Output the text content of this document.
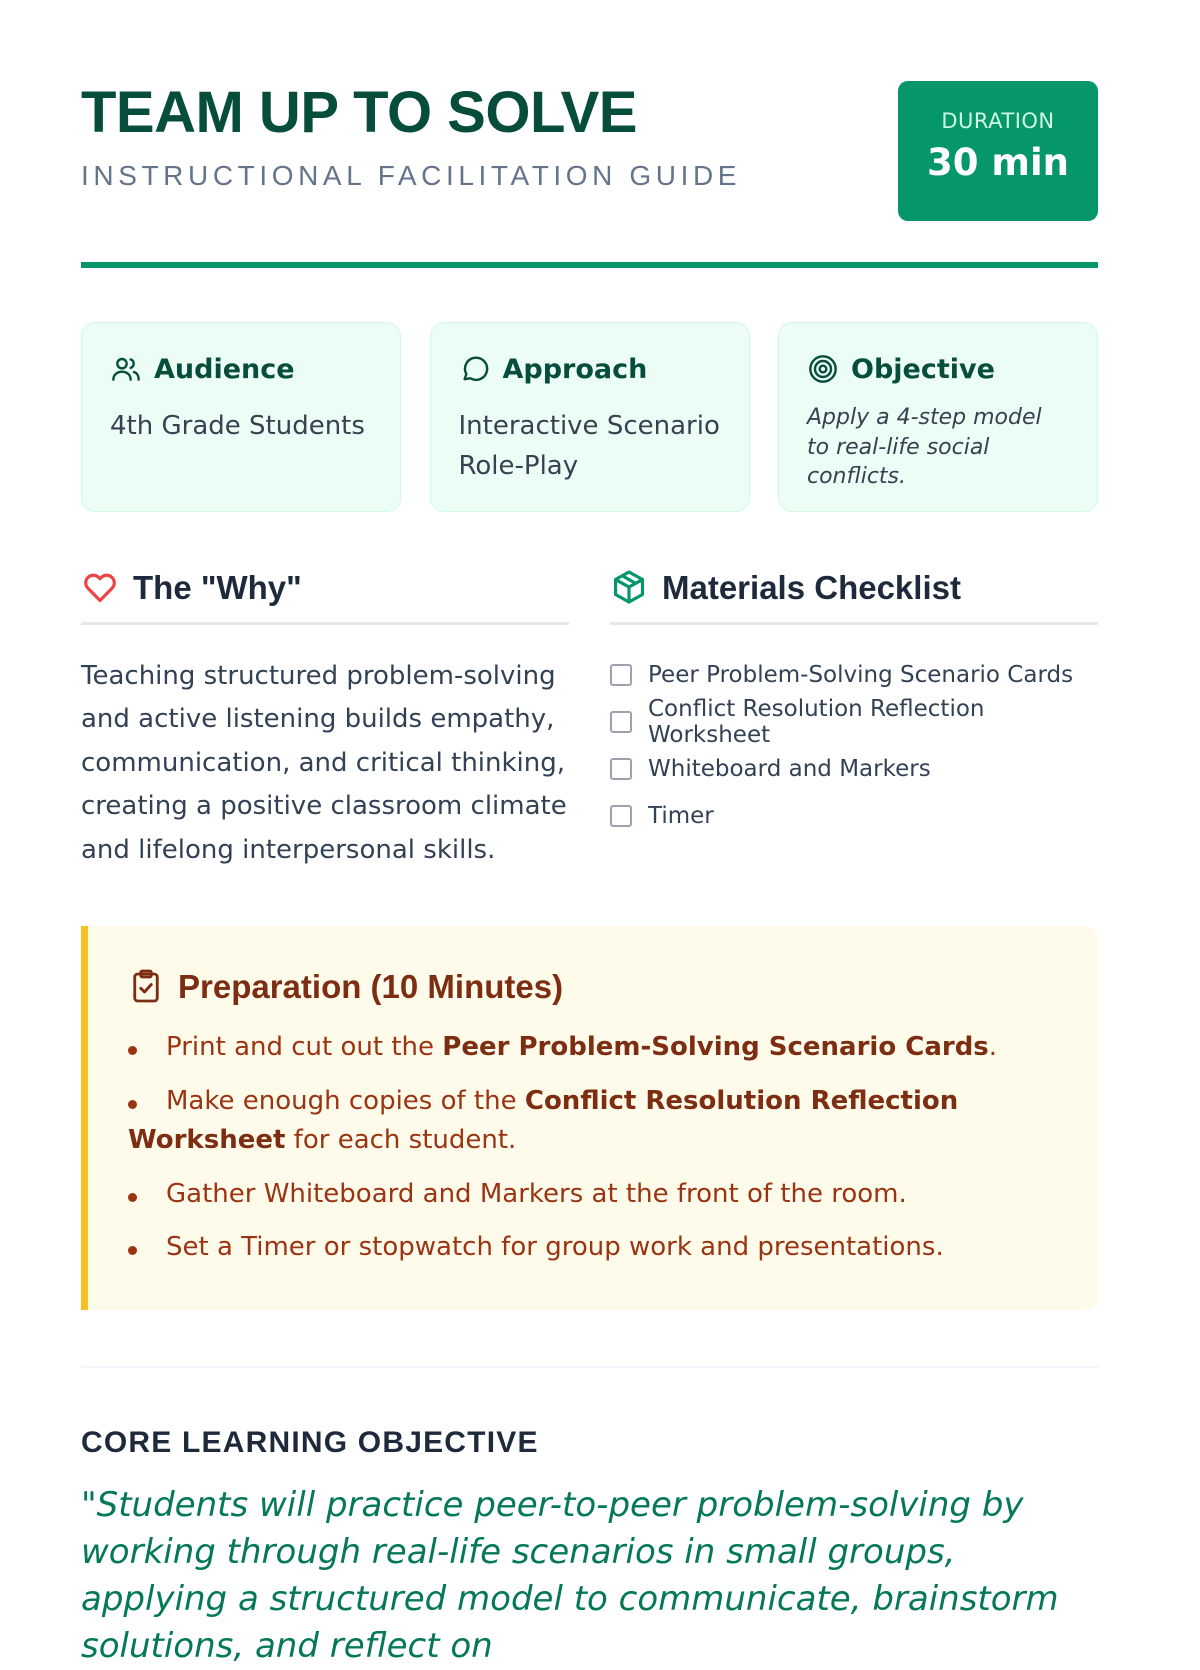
TEAM UP TO SOLVE
INSTRUCTIONAL FACILITATION GUIDE
DURATION
30 min
Audience
4th Grade Students
Approach
Interactive Scenario Role-Play
Objective
Apply a 4-step model to real-life social conflicts.
The "Why"
Teaching structured problem-solving and active listening builds empathy, communication, and critical thinking, creating a positive classroom climate and lifelong interpersonal skills.
Materials Checklist
Peer Problem-Solving Scenario Cards
Conflict Resolution Reflection Worksheet
Whiteboard and Markers
Timer
Preparation (10 Minutes)
Print and cut out the Peer Problem-Solving Scenario Cards.
Make enough copies of the Conflict Resolution Reflection Worksheet for each student.
Gather Whiteboard and Markers at the front of the room.
Set a Timer or stopwatch for group work and presentations.
CORE LEARNING OBJECTIVE
"Students will practice peer-to-peer problem-solving by working through real-life scenarios in small groups, applying a structured model to communicate, brainstorm solutions, and reflect on
